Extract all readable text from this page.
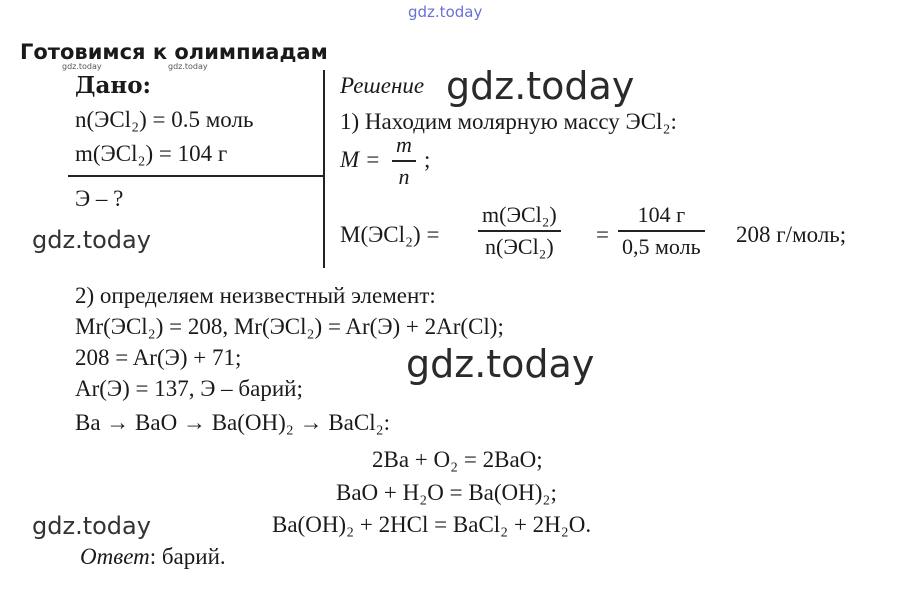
gdz.today
gdz.today	gdz.today
Готовимся к олимпиадам
Дано:
n(ЭCl₂) = 0.5 моль
m(ЭCl₂) = 104 г
Э – ?
gdz.today
Решение gdz.today
1) Находим молярную массу ЭCl₂:
M =
m
n
;
M(ЭCl₂) =
m(ЭCl₂)
n(ЭCl₂)	=
104 г
0,5 моль 208 г/моль;
2) определяем неизвестный элемент:
Mr(ЭCl₂) = 208, Mr(ЭCl₂) = Ar(Э) + 2Ar(Cl);
208 = Ar(Э) + 71;	gdz.today
Ar(Э) = 137, Э – барий;
Ba → BaO → Ba(OH)₂ → BaCl₂:
2Ba + O₂ = 2BaO;
BaO + H₂O = Ba(OH)₂;
gdz.today	Ba(OH)₂ + 2HCl = BaCl₂ + 2H₂O.
Ответ: барий.
